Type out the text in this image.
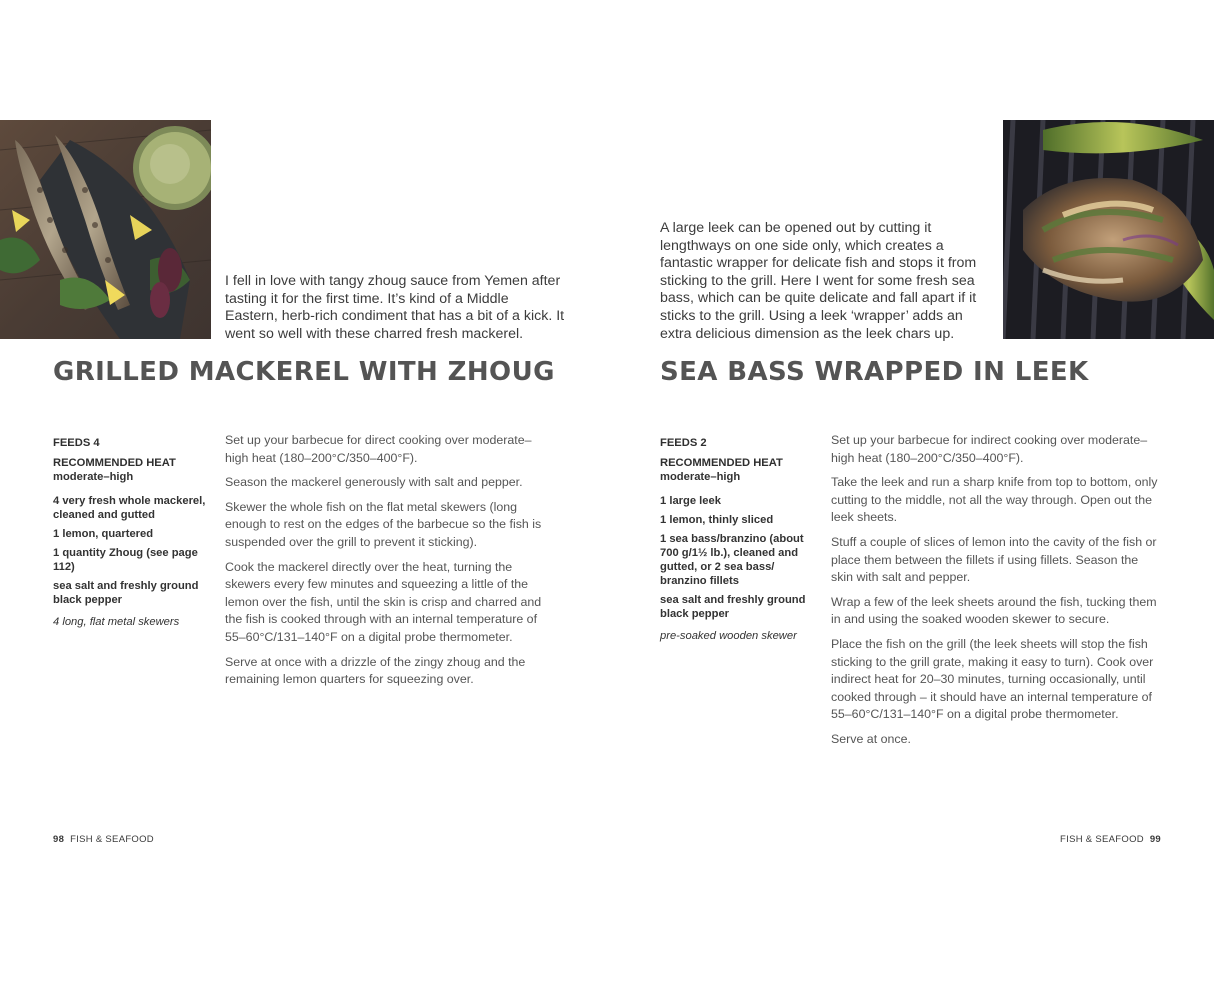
I fell in love with tangy zhoug sauce from Yemen after tasting it for the first time. It’s kind of a Middle Eastern, herb-rich condiment that has a bit of a kick. It went so well with these charred fresh mackerel.

GRILLED MACKEREL WITH ZHOUG

FEEDS 4

RECOMMENDED HEAT

moderate–high

4 very fresh whole mackerel, cleaned and gutted
1 lemon, quartered
1 quantity Zhoug (see page 112)
sea salt and freshly ground black pepper

4 long, flat metal skewers

Set up your barbecue for direct cooking over moderate–high heat (180–200°C/350–400°F).

Season the mackerel generously with salt and pepper.

Skewer the whole fish on the flat metal skewers (long enough to rest on the edges of the barbecue so the fish is suspended over the grill to prevent it sticking).

Cook the mackerel directly over the heat, turning the skewers every few minutes and squeezing a little of the lemon over the fish, until the skin is crisp and charred and the fish is cooked through with an internal temperature of 55–60°C/131–140°F on a digital probe thermometer.

Serve at once with a drizzle of the zingy zhoug and the remaining lemon quarters for squeezing over.

98 FISH & SEAFOOD

A large leek can be opened out by cutting it lengthways on one side only, which creates a fantastic wrapper for delicate fish and stops it from sticking to the grill. Here I went for some fresh sea bass, which can be quite delicate and fall apart if it sticks to the grill. Using a leek ‘wrapper’ adds an extra delicious dimension as the leek chars up.

SEA BASS WRAPPED IN LEEK

FEEDS 2

RECOMMENDED HEAT

moderate–high

1 large leek
1 lemon, thinly sliced
1 sea bass/branzino (about 700 g/1½ lb.), cleaned and gutted, or 2 sea bass/ branzino fillets
sea salt and freshly ground black pepper

pre-soaked wooden skewer

Set up your barbecue for indirect cooking over moderate–high heat (180–200°C/350–400°F).

Take the leek and run a sharp knife from top to bottom, only cutting to the middle, not all the way through. Open out the leek sheets.

Stuff a couple of slices of lemon into the cavity of the fish or place them between the fillets if using fillets. Season the skin with salt and pepper.

Wrap a few of the leek sheets around the fish, tucking them in and using the soaked wooden skewer to secure.

Place the fish on the grill (the leek sheets will stop the fish sticking to the grill grate, making it easy to turn). Cook over indirect heat for 20–30 minutes, turning occasionally, until cooked through – it should have an internal temperature of 55–60°C/131–140°F on a digital probe thermometer.

Serve at once.

FISH & SEAFOOD 99
